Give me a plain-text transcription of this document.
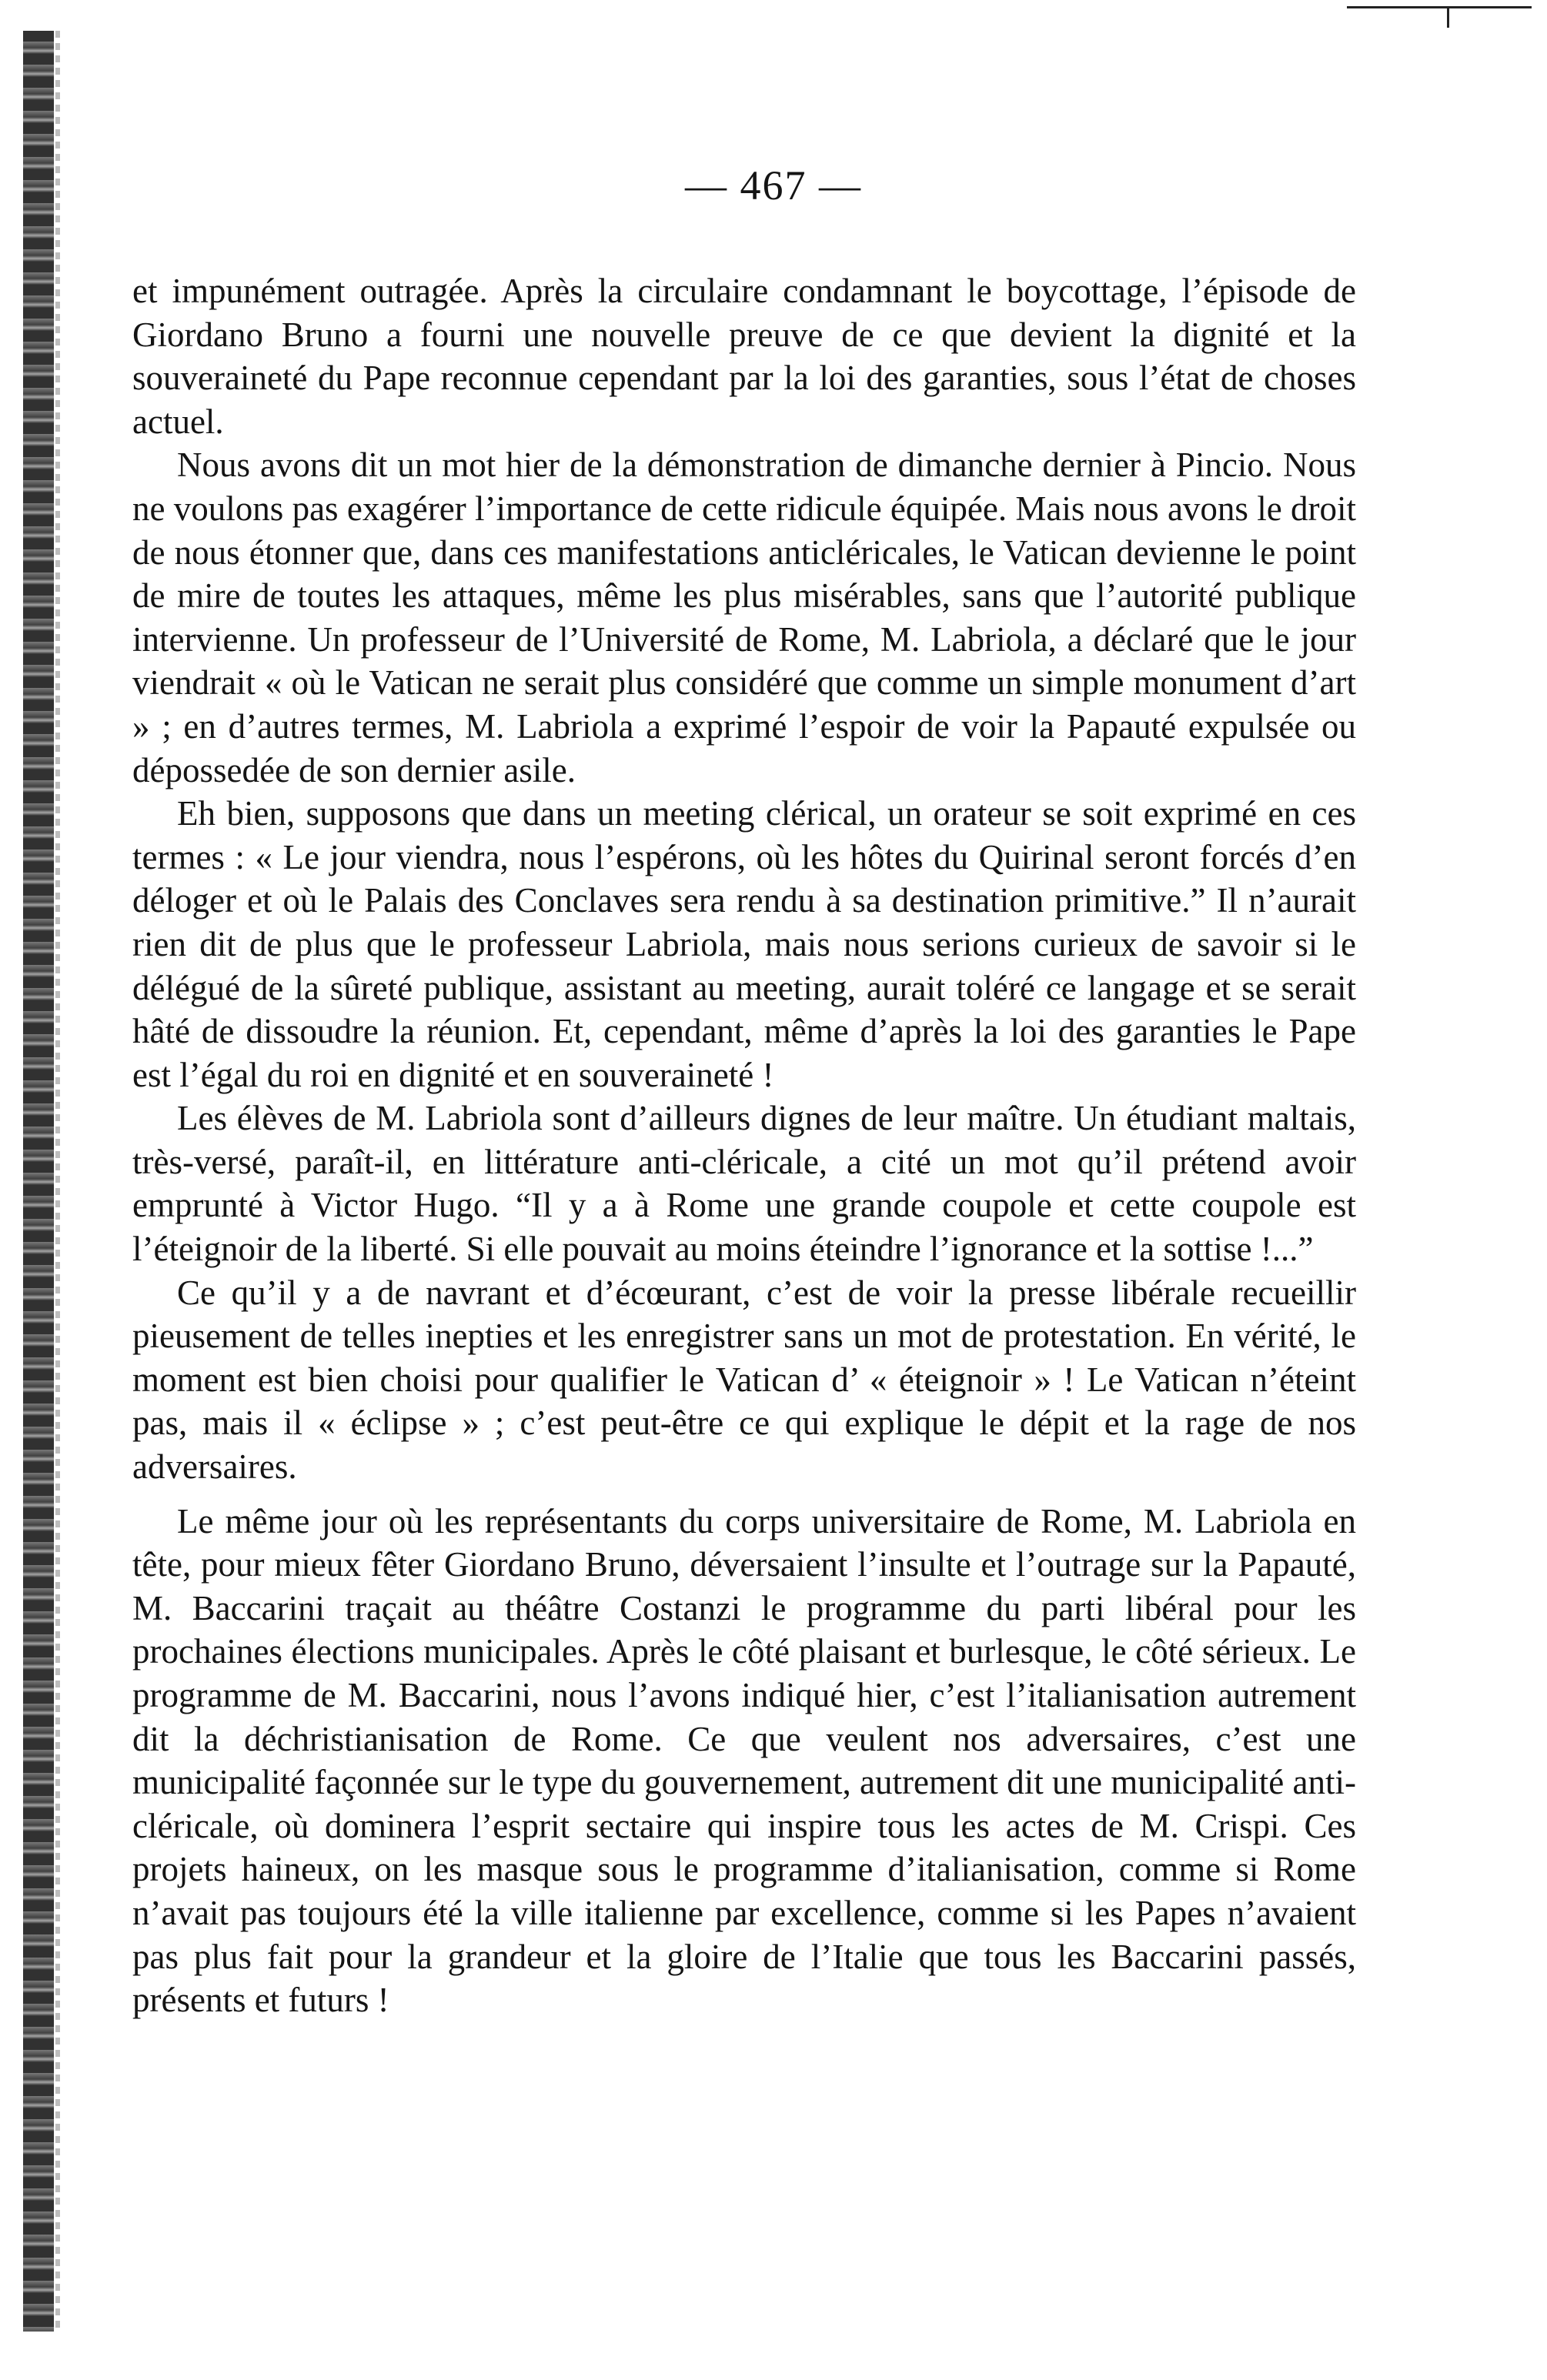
— 467 —

et impunément outragée. Après la circulaire condamnant le boycottage, l’épisode de Giordano Bruno a fourni une nouvelle preuve de ce que devient la dignité et la souveraineté du Pape reconnue cependant par la loi des garanties, sous l’état de choses actuel.

Nous avons dit un mot hier de la démonstration de dimanche dernier à Pincio. Nous ne voulons pas exagérer l’importance de cette ridicule équipée. Mais nous avons le droit de nous étonner que, dans ces manifestations anticléricales, le Vatican devienne le point de mire de toutes les attaques, même les plus misérables, sans que l’autorité publique intervienne. Un professeur de l’Université de Rome, M. Labriola, a déclaré que le jour viendrait « où le Vatican ne serait plus considéré que comme un simple monument d’art » ; en d’autres termes, M. Labriola a exprimé l’espoir de voir la Papauté expulsée ou dépossedée de son dernier asile.

Eh bien, supposons que dans un meeting clérical, un orateur se soit exprimé en ces termes : « Le jour viendra, nous l’espérons, où les hôtes du Quirinal seront forcés d’en déloger et où le Palais des Conclaves sera rendu à sa destination primitive.” Il n’aurait rien dit de plus que le professeur Labriola, mais nous serions curieux de savoir si le délégué de la sûreté publique, assistant au meeting, aurait toléré ce langage et se serait hâté de dissoudre la réunion. Et, cependant, même d’après la loi des garanties le Pape est l’égal du roi en dignité et en souveraineté !

Les élèves de M. Labriola sont d’ailleurs dignes de leur maître. Un étudiant maltais, très-versé, paraît-il, en littérature anti-cléricale, a cité un mot qu’il prétend avoir emprunté à Victor Hugo. “Il y a à Rome une grande coupole et cette coupole est l’éteignoir de la liberté. Si elle pouvait au moins éteindre l’ignorance et la sottise !...”

Ce qu’il y a de navrant et d’écœurant, c’est de voir la presse libérale recueillir pieusement de telles inepties et les enregistrer sans un mot de protestation. En vérité, le moment est bien choisi pour qualifier le Vatican d’ « éteignoir » ! Le Vatican n’éteint pas, mais il « éclipse » ; c’est peut-être ce qui explique le dépit et la rage de nos adversaires.

Le même jour où les représentants du corps universitaire de Rome, M. Labriola en tête, pour mieux fêter Giordano Bruno, déversaient l’insulte et l’outrage sur la Papauté, M. Baccarini traçait au théâtre Costanzi le programme du parti libéral pour les prochaines élections municipales. Après le côté plaisant et burlesque, le côté sérieux. Le programme de M. Baccarini, nous l’avons indiqué hier, c’est l’italianisation autrement dit la déchristianisation de Rome. Ce que veulent nos adversaires, c’est une municipalité façonnée sur le type du gouvernement, autrement dit une municipalité anti-cléricale, où dominera l’esprit sectaire qui inspire tous les actes de M. Crispi. Ces projets haineux, on les masque sous le programme d’italianisation, comme si Rome n’avait pas toujours été la ville italienne par excellence, comme si les Papes n’avaient pas plus fait pour la grandeur et la gloire de l’Italie que tous les Baccarini passés, présents et futurs !
